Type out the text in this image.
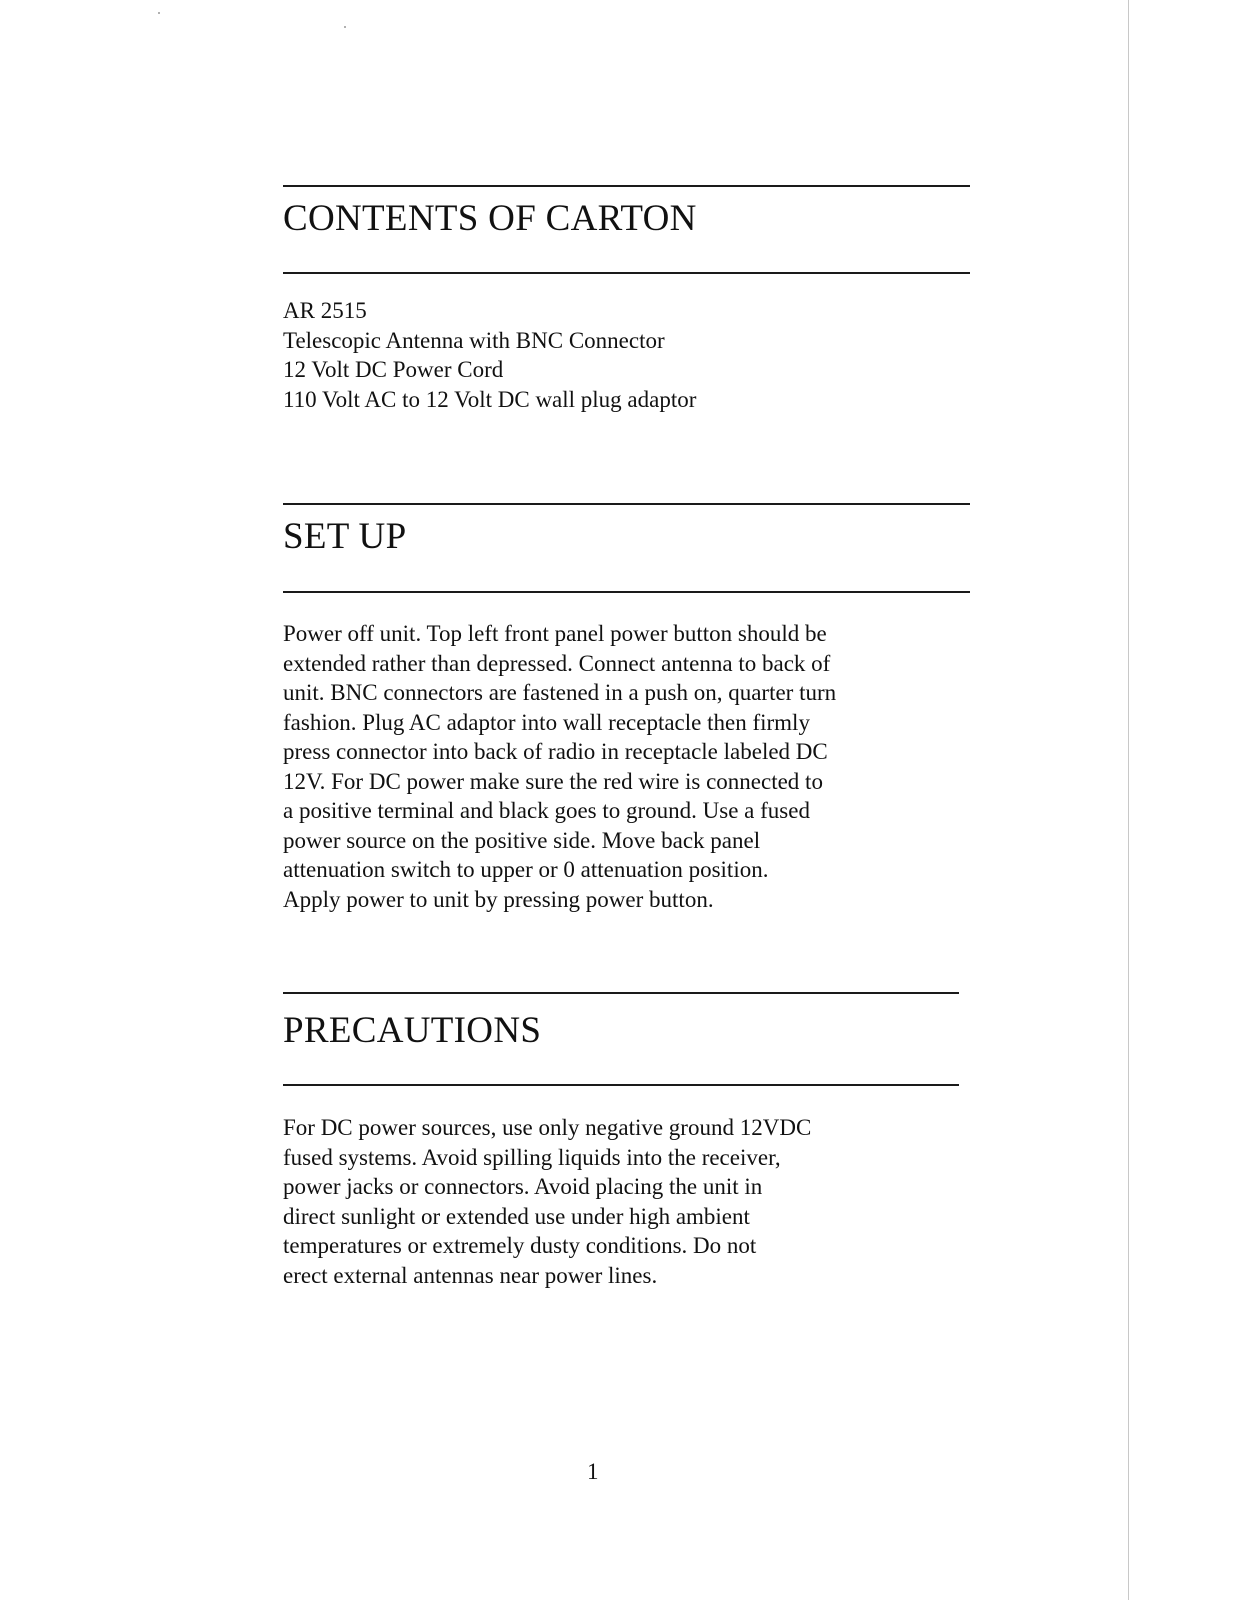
CONTENTS OF CARTON
AR 2515
Telescopic Antenna with BNC Connector
12 Volt DC Power Cord
110 Volt AC to 12 Volt DC wall plug adaptor
SET UP
Power off unit. Top left front panel power button should be
extended rather than depressed. Connect antenna to back of
unit. BNC connectors are fastened in a push on, quarter turn
fashion. Plug AC adaptor into wall receptacle then firmly
press connector into back of radio in receptacle labeled DC
12V. For DC power make sure the red wire is connected to
a positive terminal and black goes to ground. Use a fused
power source on the positive side. Move back panel
attenuation switch to upper or 0 attenuation position.
Apply power to unit by pressing power button.
PRECAUTIONS
For DC power sources, use only negative ground 12VDC
fused systems. Avoid spilling liquids into the receiver,
power jacks or connectors. Avoid placing the unit in
direct sunlight or extended use under high ambient
temperatures or extremely dusty conditions. Do not
erect external antennas near power lines.
1
